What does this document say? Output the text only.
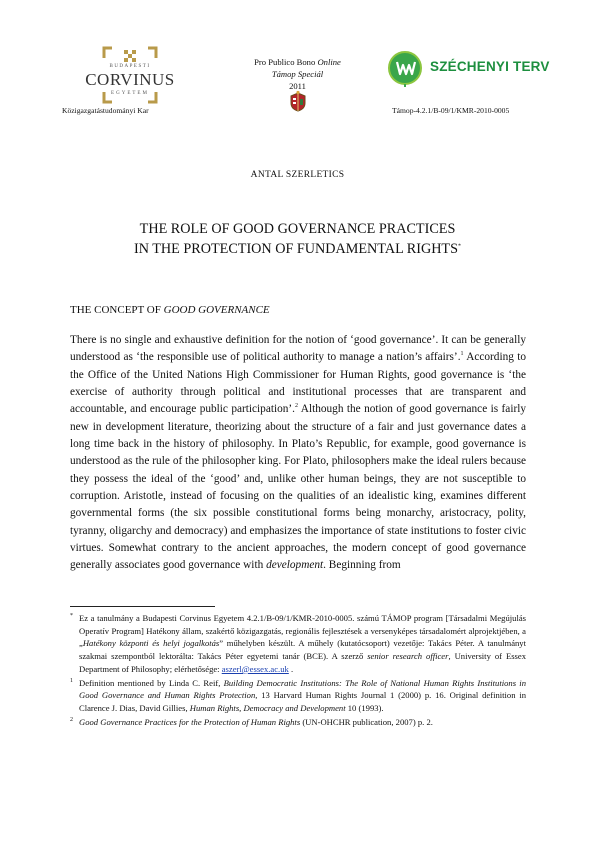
BUDAPESTI
CORVINUS
EGYETEM
Közigazgatástudományi Kar
Pro Publico Bono Online
Támop Speciál
2011
SZÉCHENYI TERV
Támop-4.2.1/B-09/1/KMR-2010-0005
ANTAL SZERLETICS
THE ROLE OF GOOD GOVERNANCE PRACTICES
IN THE PROTECTION OF FUNDAMENTAL RIGHTS*
THE CONCEPT OF GOOD GOVERNANCE

There is no single and exhaustive definition for the notion of ‘good governance’. It can be generally understood as ‘the responsible use of political authority to manage a nation’s affairs’.$^1$ According to the Office of the United Nations High Commissioner for Human Rights, good governance is ‘the exercise of authority through political and institutional processes that are transparent and accountable, and encourage public participation’.$^2$ Although the notion of good governance is fairly new in development literature, theorizing about the structure of a fair and just governance dates a long time back in the history of philosophy. In Plato’s Republic, for example, good governance is understood as the rule of the philosopher king. For Plato, philosophers make the ideal rulers because they possess the ideal of the ‘good’ and, unlike other human beings, they are not susceptible to corruption. Aristotle, instead of focusing on the qualities of an idealistic king, examines different governmental forms (the six possible constitutional forms being monarchy, aristocracy, polity, tyranny, oligarchy and democracy) and emphasizes the importance of state institutions to foster civic virtues. Somewhat contrary to the ancient approaches, the modern concept of good governance generally associates good governance with development. Beginning from

* Ez a tanulmány a Budapesti Corvinus Egyetem 4.2.1/B-09/1/KMR-2010-0005. számú TÁMOP program [Társadalmi Megújulás Operatív Program] Hatékony állam, szakértő közigazgatás, regionális fejlesztések a versenyképes társadalomért alprojektjében, a „Hatékony központi és helyi jogalkotás” műhelyben készült. A műhely (kutatócsoport) vezetője: Takács Péter. A tanulmányt szakmai szempontból lektorálta: Takács Péter egyetemi tanár (BCE). A szerző senior research officer, University of Essex Department of Philosophy; elérhetősége: aszerl@essex.ac.uk .
1 Definition mentioned by Linda C. Reif, Building Democratic Institutions: The Role of National Human Rights Institutions in Good Governance and Human Rights Protection, 13 Harvard Human Rights Journal 1 (2000) p. 16. Original definition in Clarence J. Dias, David Gillies, Human Rights, Democracy and Development 10 (1993).
2 Good Governance Practices for the Protection of Human Rights (UN-OHCHR publication, 2007) p. 2.
